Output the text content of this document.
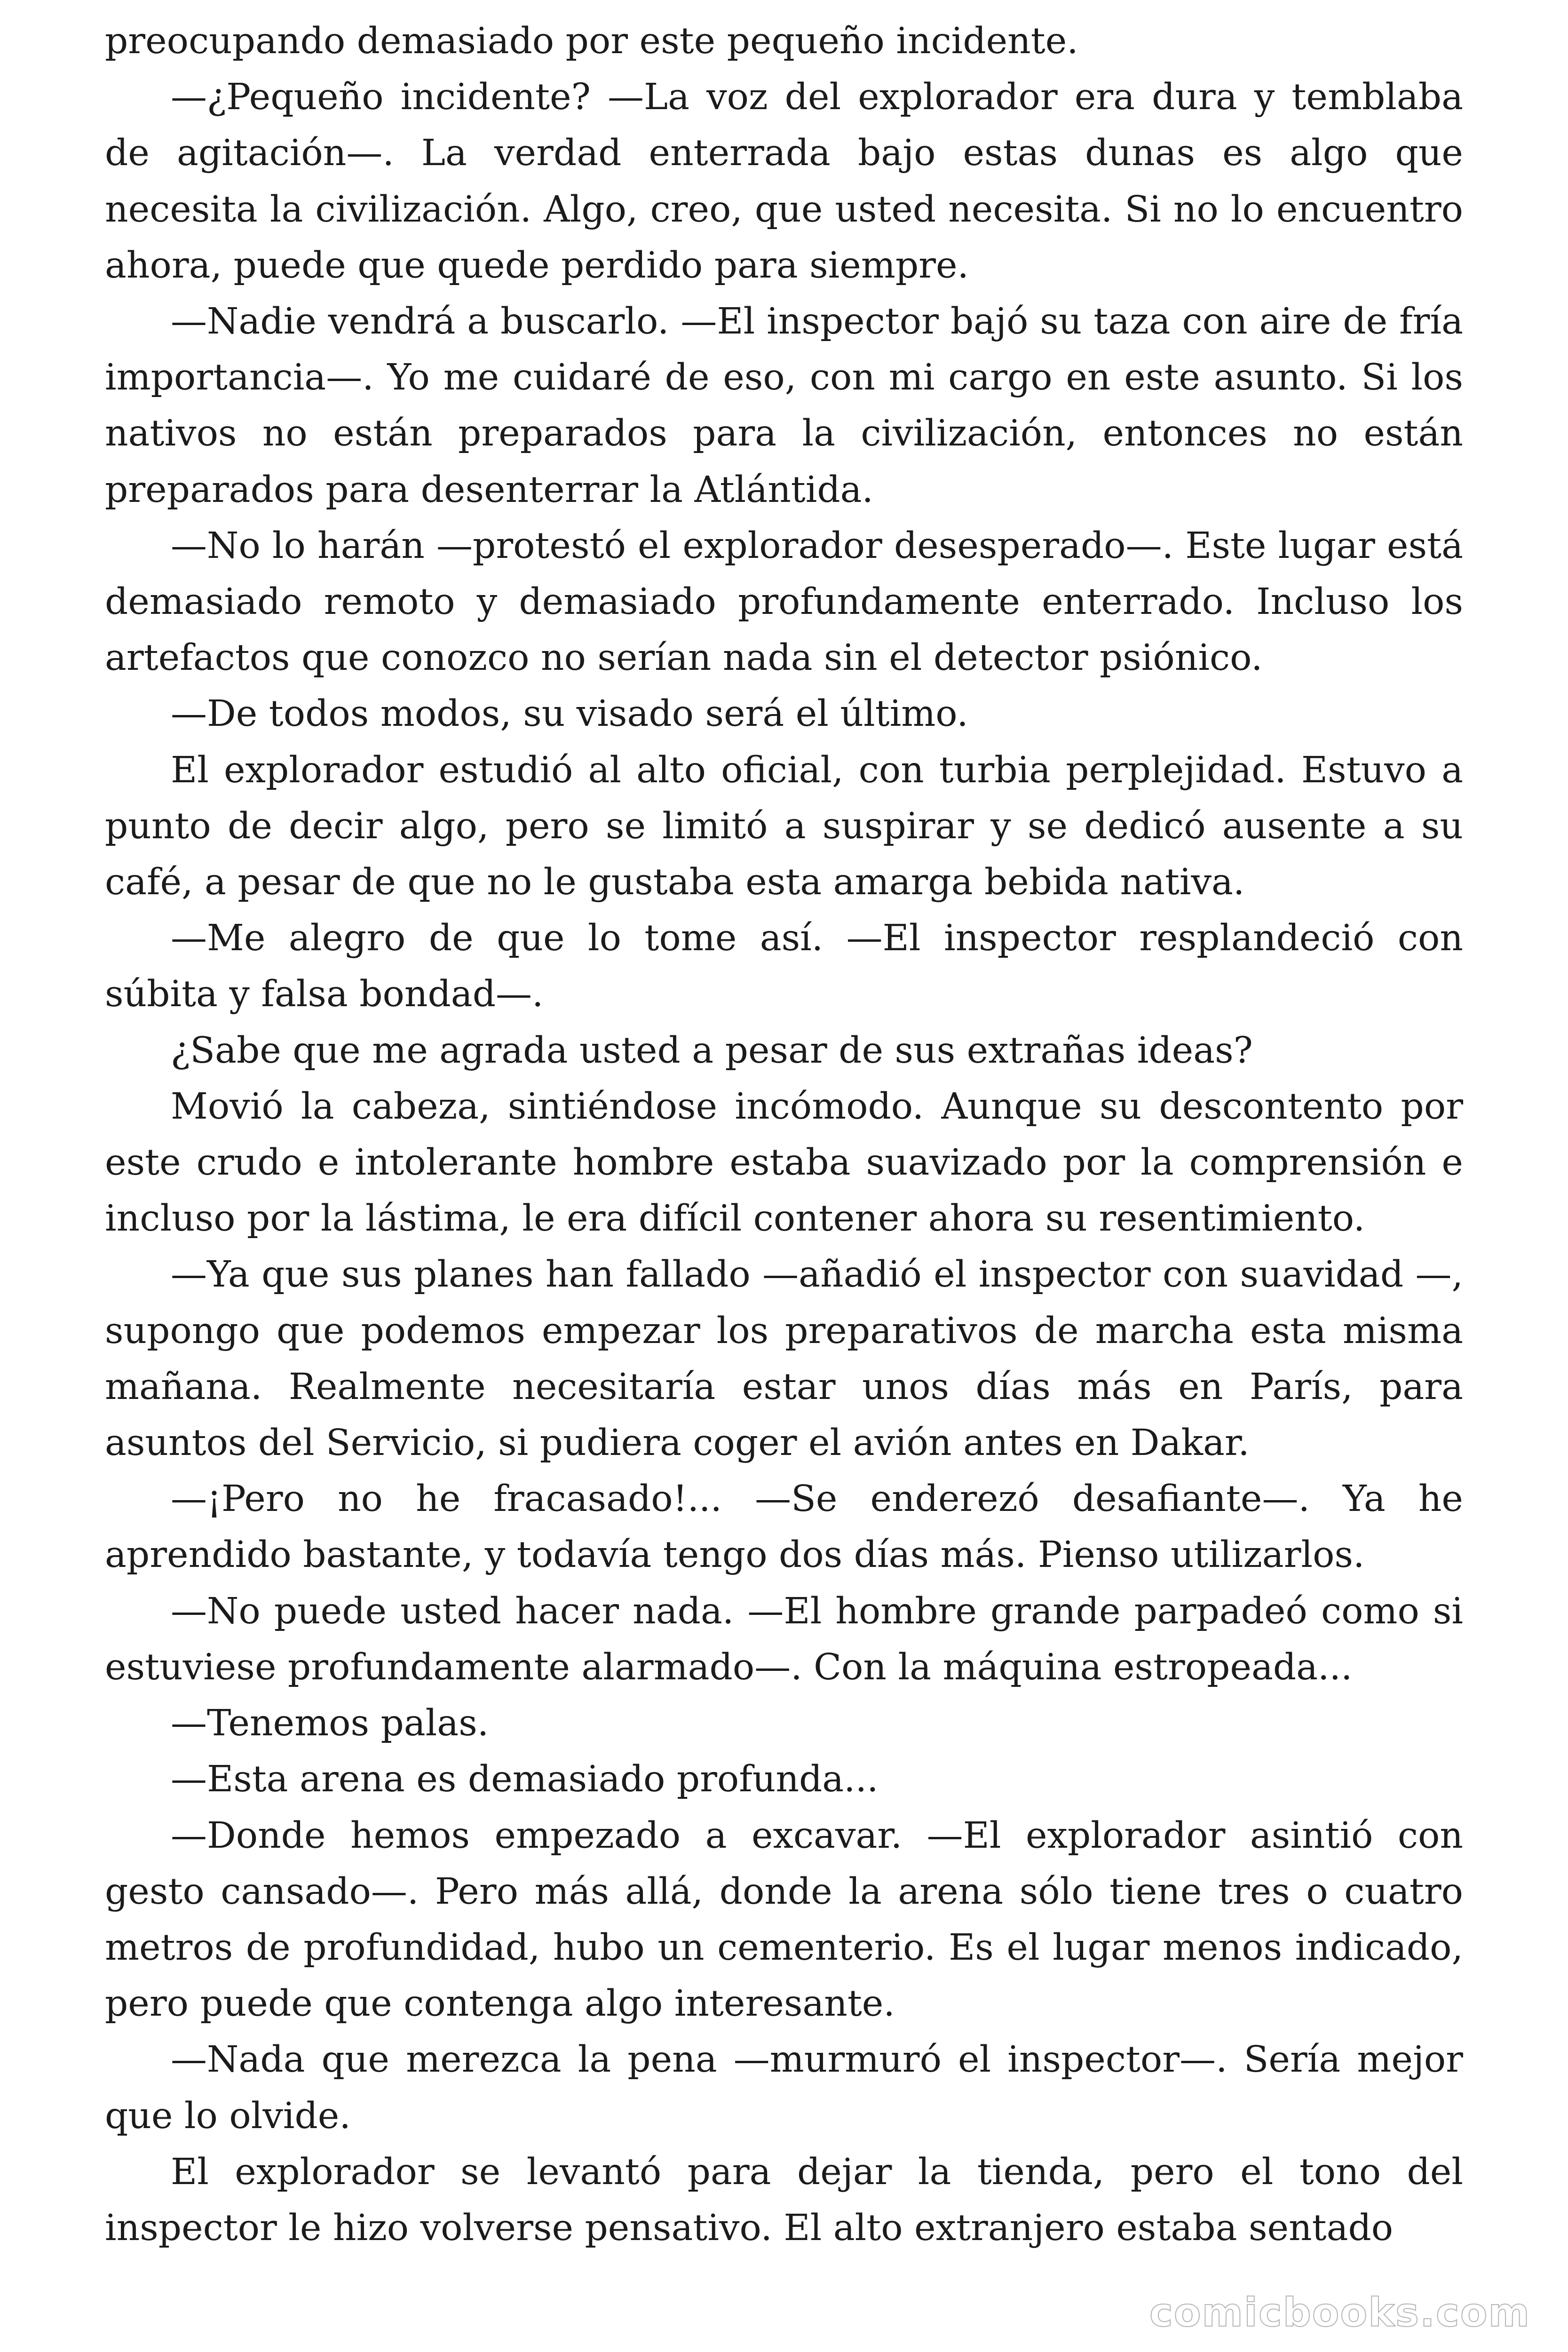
preocupando demasiado por este pequeño incidente.

—¿Pequeño incidente? —La voz del explorador era dura y temblaba de agitación—. La verdad enterrada bajo estas dunas es algo que necesita la civilización. Algo, creo, que usted necesita. Si no lo encuentro ahora, puede que quede perdido para siempre.

—Nadie vendrá a buscarlo. —El inspector bajó su taza con aire de fría importancia—. Yo me cuidaré de eso, con mi cargo en este asunto. Si los nativos no están preparados para la civilización, entonces no están preparados para desenterrar la Atlántida.

—No lo harán —protestó el explorador desesperado—. Este lugar está demasiado remoto y demasiado profundamente enterrado. Incluso los artefactos que conozco no serían nada sin el detector psiónico.

—De todos modos, su visado será el último.

El explorador estudió al alto oficial, con turbia perplejidad. Estuvo a punto de decir algo, pero se limitó a suspirar y se dedicó ausente a su café, a pesar de que no le gustaba esta amarga bebida nativa.

—Me alegro de que lo tome así. —El inspector resplandeció con súbita y falsa bondad—.

¿Sabe que me agrada usted a pesar de sus extrañas ideas?

Movió la cabeza, sintiéndose incómodo. Aunque su descontento por este crudo e intolerante hombre estaba suavizado por la comprensión e incluso por la lástima, le era difícil contener ahora su resentimiento.

—Ya que sus planes han fallado —añadió el inspector con suavidad —, supongo que podemos empezar los preparativos de marcha esta misma mañana. Realmente necesitaría estar unos días más en París, para asuntos del Servicio, si pudiera coger el avión antes en Dakar.

—¡Pero no he fracasado!... —Se enderezó desafiante—. Ya he aprendido bastante, y todavía tengo dos días más. Pienso utilizarlos.

—No puede usted hacer nada. —El hombre grande parpadeó como si estuviese profundamente alarmado—. Con la máquina estropeada...

—Tenemos palas.

—Esta arena es demasiado profunda...

—Donde hemos empezado a excavar. —El explorador asintió con gesto cansado—. Pero más allá, donde la arena sólo tiene tres o cuatro metros de profundidad, hubo un cementerio. Es el lugar menos indicado, pero puede que contenga algo interesante.

—Nada que merezca la pena —murmuró el inspector—. Sería mejor que lo olvide.

El explorador se levantó para dejar la tienda, pero el tono del inspector le hizo volverse pensativo. El alto extranjero estaba sentado

comicbooks.com
